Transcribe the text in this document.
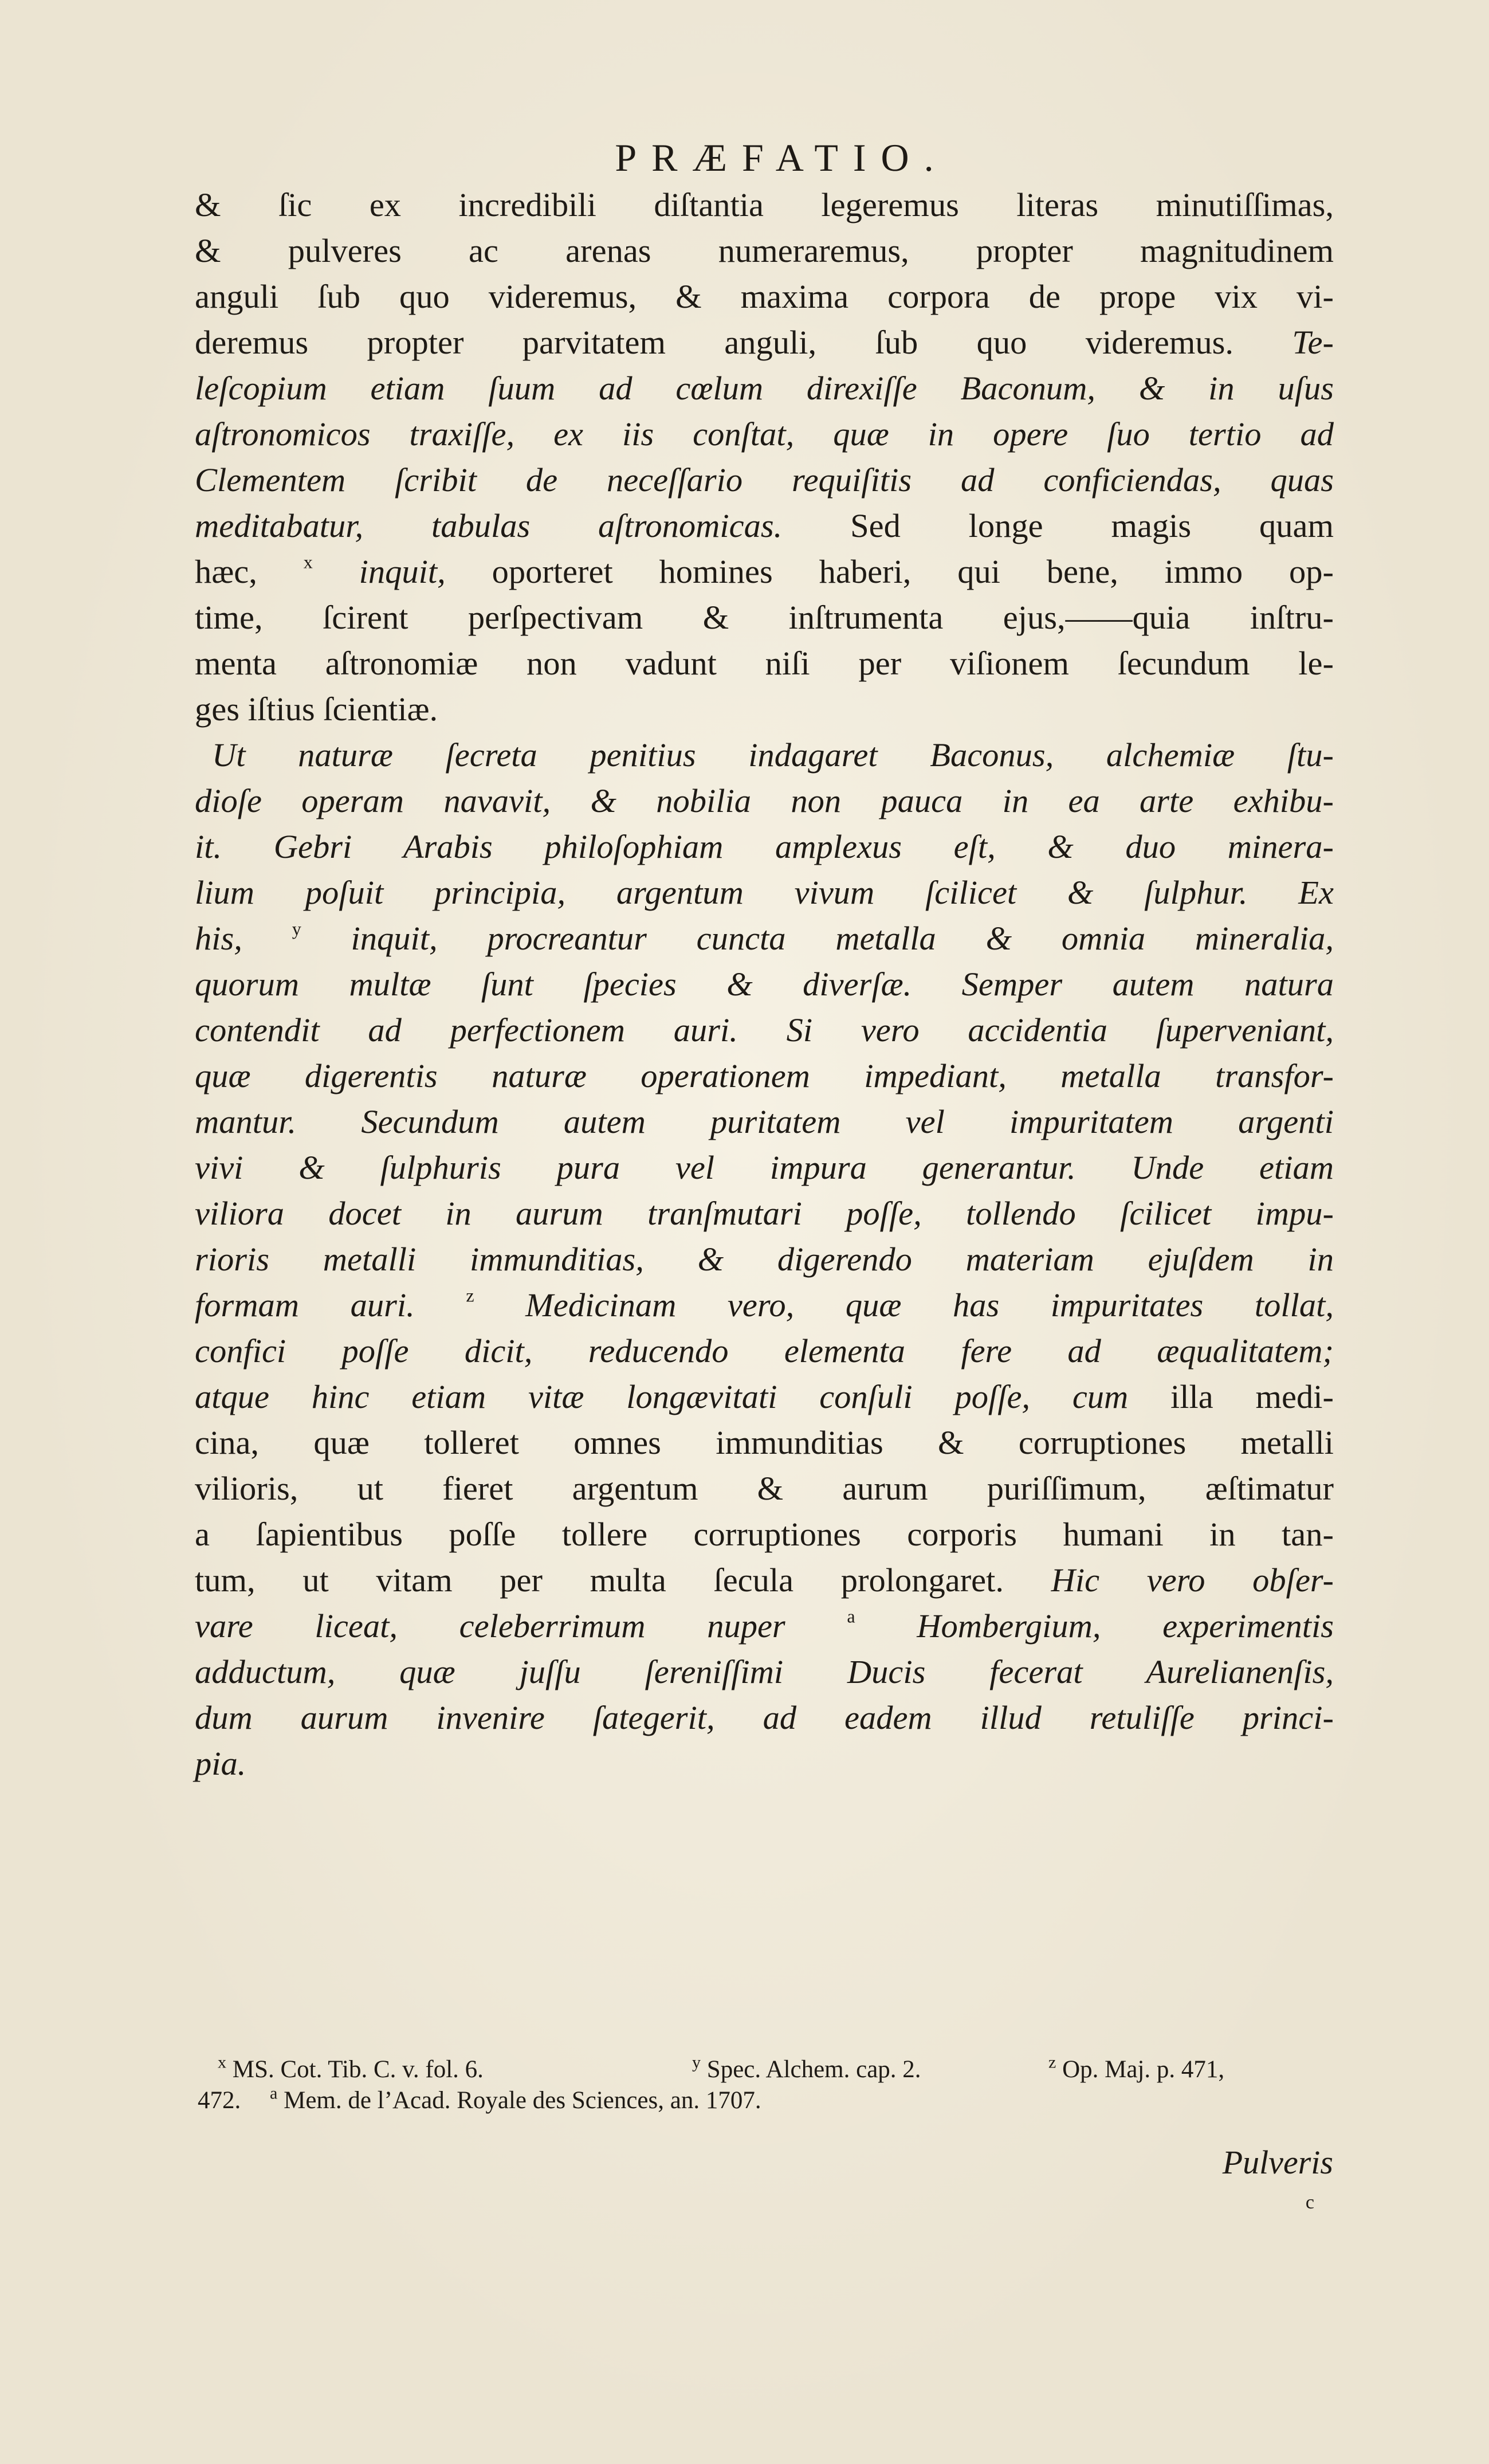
PRÆFATIO.
& ſic ex incredibili diſtantia legeremus literas minutiſſimas,
& pulveres ac arenas numeraremus, propter magnitudinem
anguli ſub quo videremus, & maxima corpora de prope vix vi-
deremus propter parvitatem anguli, ſub quo videremus. Te-
leſcopium etiam ſuum ad cœlum direxiſſe Baconum, & in uſus
aſtronomicos traxiſſe, ex iis conſtat, quæ in opere ſuo tertio ad
Clementem ſcribit de neceſſario requiſitis ad conficiendas, quas
meditabatur, tabulas aſtronomicas. Sed longe magis quam
hæc,	$^x$ inquit, oporteret homines haberi, qui bene, immo op-
time, ſcirent perſpectivam & inſtrumenta ejus,——quia inſtru-
menta aſtronomiæ non vadunt niſi per viſionem ſecundum le-
ges iſtius ſcientiæ.
Ut naturæ ſecreta penitius indagaret Baconus, alchemiæ ſtu-
dioſe operam navavit, & nobilia non pauca in ea arte exhibu-
it. Gebri Arabis philoſophiam amplexus eſt, & duo minera-
lium poſuit principia, argentum vivum ſcilicet & ſulphur. Ex
his,	$^y$ inquit, procreantur cuncta metalla & omnia mineralia,
quorum multæ ſunt ſpecies & diverſæ. Semper autem natura
contendit ad perfectionem auri. Si vero accidentia ſuperveniant,
quæ digerentis naturæ operationem impediant, metalla transfor-
mantur. Secundum autem puritatem vel impuritatem argenti
vivi & ſulphuris pura vel impura generantur. Unde etiam
viliora docet in aurum tranſmutari poſſe, tollendo ſcilicet impu-
rioris metalli immunditias, & digerendo materiam ejuſdem in
formam auri.	$^z$ Medicinam vero, quæ has impuritates tollat,
confici poſſe dicit, reducendo elementa fere ad æqualitatem;
atque hinc etiam vitæ longævitati conſuli poſſe, cum illa medi-
cina, quæ tolleret omnes immunditias & corruptiones metalli
vilioris, ut fieret argentum & aurum puriſſimum, æſtimatur
a ſapientibus poſſe tollere corruptiones corporis humani in tan-
tum, ut vitam per multa ſecula prolongaret. Hic vero obſer-
vare liceat, celeberrimum nuper	$^a$ Hombergium, experimentis
adductum, quæ juſſu ſereniſſimi Ducis fecerat Aurelianenſis,
dum aurum invenire ſategerit, ad eadem illud retuliſſe princi-
pia.
$^x$ MS. Cot. Tib. C. v. fol. 6.	$^y$ Spec. Alchem. cap. 2.	$^z$ Op. Maj. p. 471,
472. $^a$ Mem. de l’Acad. Royale des Sciences, an. 1707.
Pulveris
c
